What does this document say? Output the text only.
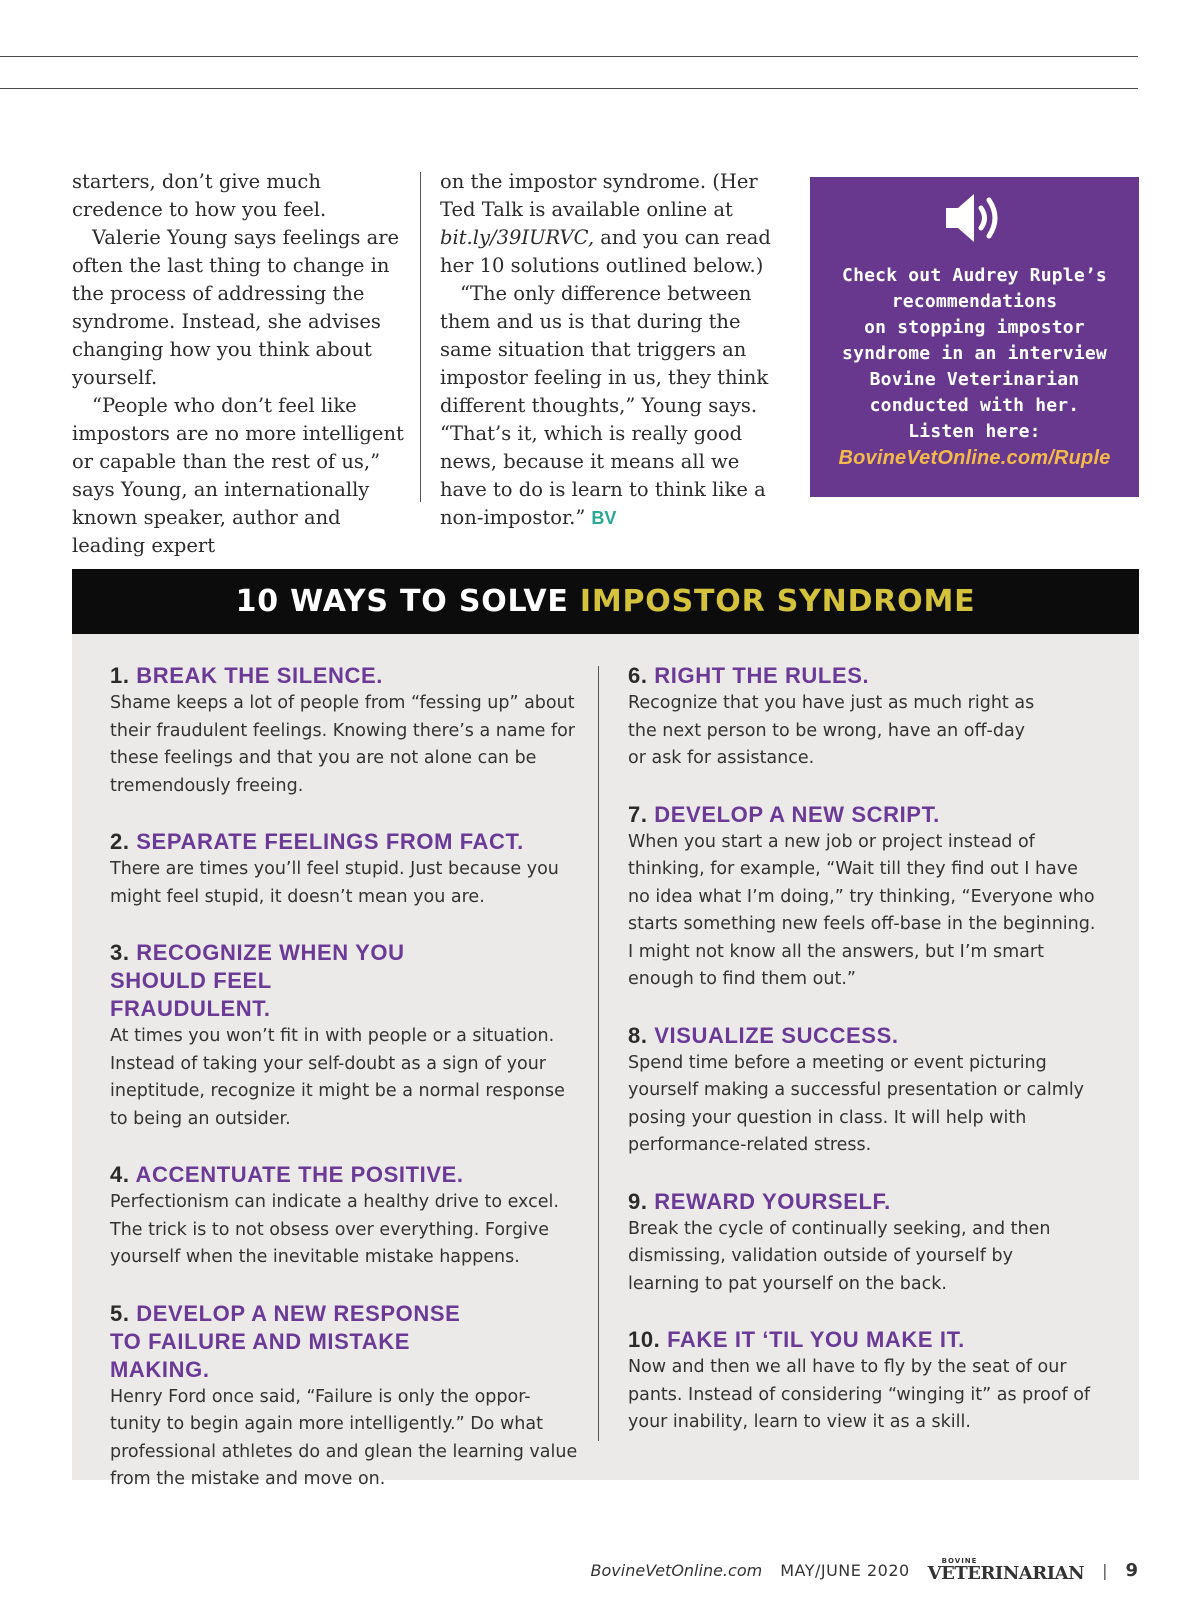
starters, don’t give much credence to how you feel.

Valerie Young says feelings are often the last thing to change in the process of addressing the syndrome. Instead, she advises changing how you think about yourself.

“People who don’t feel like impostors are no more intelligent or capable than the rest of us,” says Young, an internationally known speaker, author and leading expert

on the impostor syndrome. (Her Ted Talk is available online at bit.ly/39IURVC, and you can read her 10 solutions outlined below.)

“The only difference between them and us is that during the same situation that triggers an impostor feeling in us, they think different thoughts,” Young says. “That’s it, which is really good news, because it means all we have to do is learn to think like a non-impostor.” BV

Check out Audrey Ruple’s
recommendations
on stopping impostor
syndrome in an interview
Bovine Veterinarian
conducted with her.
Listen here:
BovineVetOnline.com/Ruple
10 WAYS TO SOLVE IMPOSTOR SYNDROME
1. BREAK THE SILENCE.

Shame keeps a lot of people from “fessing up” about their fraudulent feelings. Knowing there’s a name for these feelings and that you are not alone can be tremendously freeing.

2. SEPARATE FEELINGS FROM FACT.

There are times you’ll feel stupid. Just because you might feel stupid, it doesn’t mean you are.

3. RECOGNIZE WHEN YOU SHOULD FEEL FRAUDULENT.

At times you won’t fit in with people or a situation. Instead of taking your self-doubt as a sign of your ineptitude, recognize it might be a normal response to being an outsider.

4. ACCENTUATE THE POSITIVE.

Perfectionism can indicate a healthy drive to excel. The trick is to not obsess over everything. Forgive yourself when the inevitable mistake happens.

5. DEVELOP A NEW RESPONSE TO FAILURE AND MISTAKE MAKING.

Henry Ford once said, “Failure is only the oppor-tunity to begin again more intelligently.” Do what professional athletes do and glean the learning value from the mistake and move on.

6. RIGHT THE RULES.

Recognize that you have just as much right as the next person to be wrong, have an off-day or ask for assistance.

7. DEVELOP A NEW SCRIPT.

When you start a new job or project instead of thinking, for example, “Wait till they find out I have no idea what I’m doing,” try thinking, “Everyone who starts something new feels off-base in the beginning. I might not know all the answers, but I’m smart enough to find them out.”

8. VISUALIZE SUCCESS.

Spend time before a meeting or event picturing yourself making a successful presentation or calmly posing your question in class. It will help with performance-related stress.

9. REWARD YOURSELF.

Break the cycle of continually seeking, and then dismissing, validation outside of yourself by learning to pat yourself on the back.

10. FAKE IT ‘TIL YOU MAKE IT.

Now and then we all have to fly by the seat of our pants. Instead of considering “winging it” as proof of your inability, learn to view it as a skill.

BovineVetOnline.com MAY/JUNE 2020	BOVINE
VETERINARIAN | 9
